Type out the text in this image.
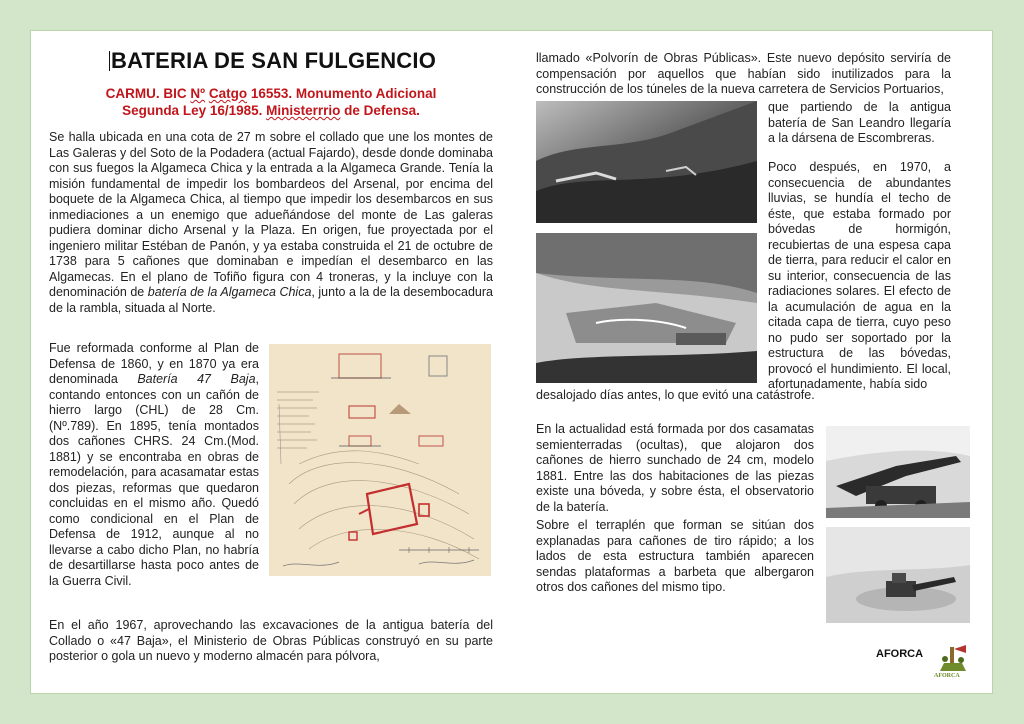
BATERIA DE SAN FULGENCIO
CARMU. BIC Nº Catgo 16553. Monumento Adicional
Segunda Ley 16/1985. Ministerrrio de Defensa.
Se halla ubicada en una cota de 27 m sobre el collado que une los montes de Las Galeras y del Soto de la Podadera (actual Fajardo), desde donde dominaba con sus fuegos la Algameca Chica y la entrada a la Algameca Grande. Tenía la misión fundamental de impedir los bombardeos del Arsenal, por encima del boquete de la Algameca Chica, al tiempo que impedir los desembarcos en sus inmediaciones a un enemigo que adueñándose del monte de Las galeras pudiera dominar dicho Arsenal y la Plaza. En origen, fue proyectada por el ingeniero militar Estéban de Panón, y ya estaba construida el 21 de octubre de 1738 para 5 cañones que dominaban e impedían el desembarco en las Algamecas. En el plano de Tofiño figura con 4 troneras, y la incluye con la denominación de batería de la Algameca Chica, junto a la de la desembocadura de la rambla, situada al Norte.
Fue reformada conforme al Plan de Defensa de 1860, y en 1870 ya era denominada Batería 47 Baja, contando entonces con un cañón de hierro largo (CHL) de 28 Cm. (Nº.789). En 1895, tenía montados dos cañones CHRS. 24 Cm.(Mod. 1881) y se encontraba en obras de remodelación, para acasamatar estas dos piezas, reformas que quedaron concluidas en el mismo año. Quedó como condicional en el Plan de Defensa de 1912, aunque al no llevarse a cabo dicho Plan, no habría de desartillarse hasta poco antes de la Guerra Civil.
En el año 1967, aprovechando las excavaciones de la antigua batería del Collado o «47 Baja», el Ministerio de Obras Públicas construyó en su parte posterior o gola un nuevo y moderno almacén para pólvora,
llamado «Polvorín de Obras Públicas». Este nuevo depósito serviría de compensación por aquellos que habían sido inutilizados para la construcción de los túneles de la nueva carretera de Servicios Portuarios,
que partiendo de la antigua batería de San Leandro llegaría a la dársena de Escombreras.
Poco después, en 1970, a consecuencia de abundantes lluvias, se hundía el techo de éste, que estaba formado por bóvedas de hormigón, recubiertas de una espesa capa de tierra, para reducir el calor en su interior, consecuencia de las radiaciones solares. El efecto de la acumulación de agua en la citada capa de tierra, cuyo peso no pudo ser soportado por la estructura de las bóvedas, provocó el hundimiento. El local, afortunadamente, había sido
desalojado días antes, lo que evitó una catástrofe.
En la actualidad está formada por dos casamatas semienterradas (ocultas), que alojaron dos cañones de hierro sunchado de 24 cm, modelo 1881. Entre las dos habitaciones de las piezas existe una bóveda, y sobre ésta, el observatorio de la batería.
Sobre el terraplén que forman se sitúan dos explanadas para cañones de tiro rápido; a los lados de esta estructura también aparecen sendas plataformas a barbeta que albergaron otros dos cañones del mismo tipo.
AFORCA
AFORCA
